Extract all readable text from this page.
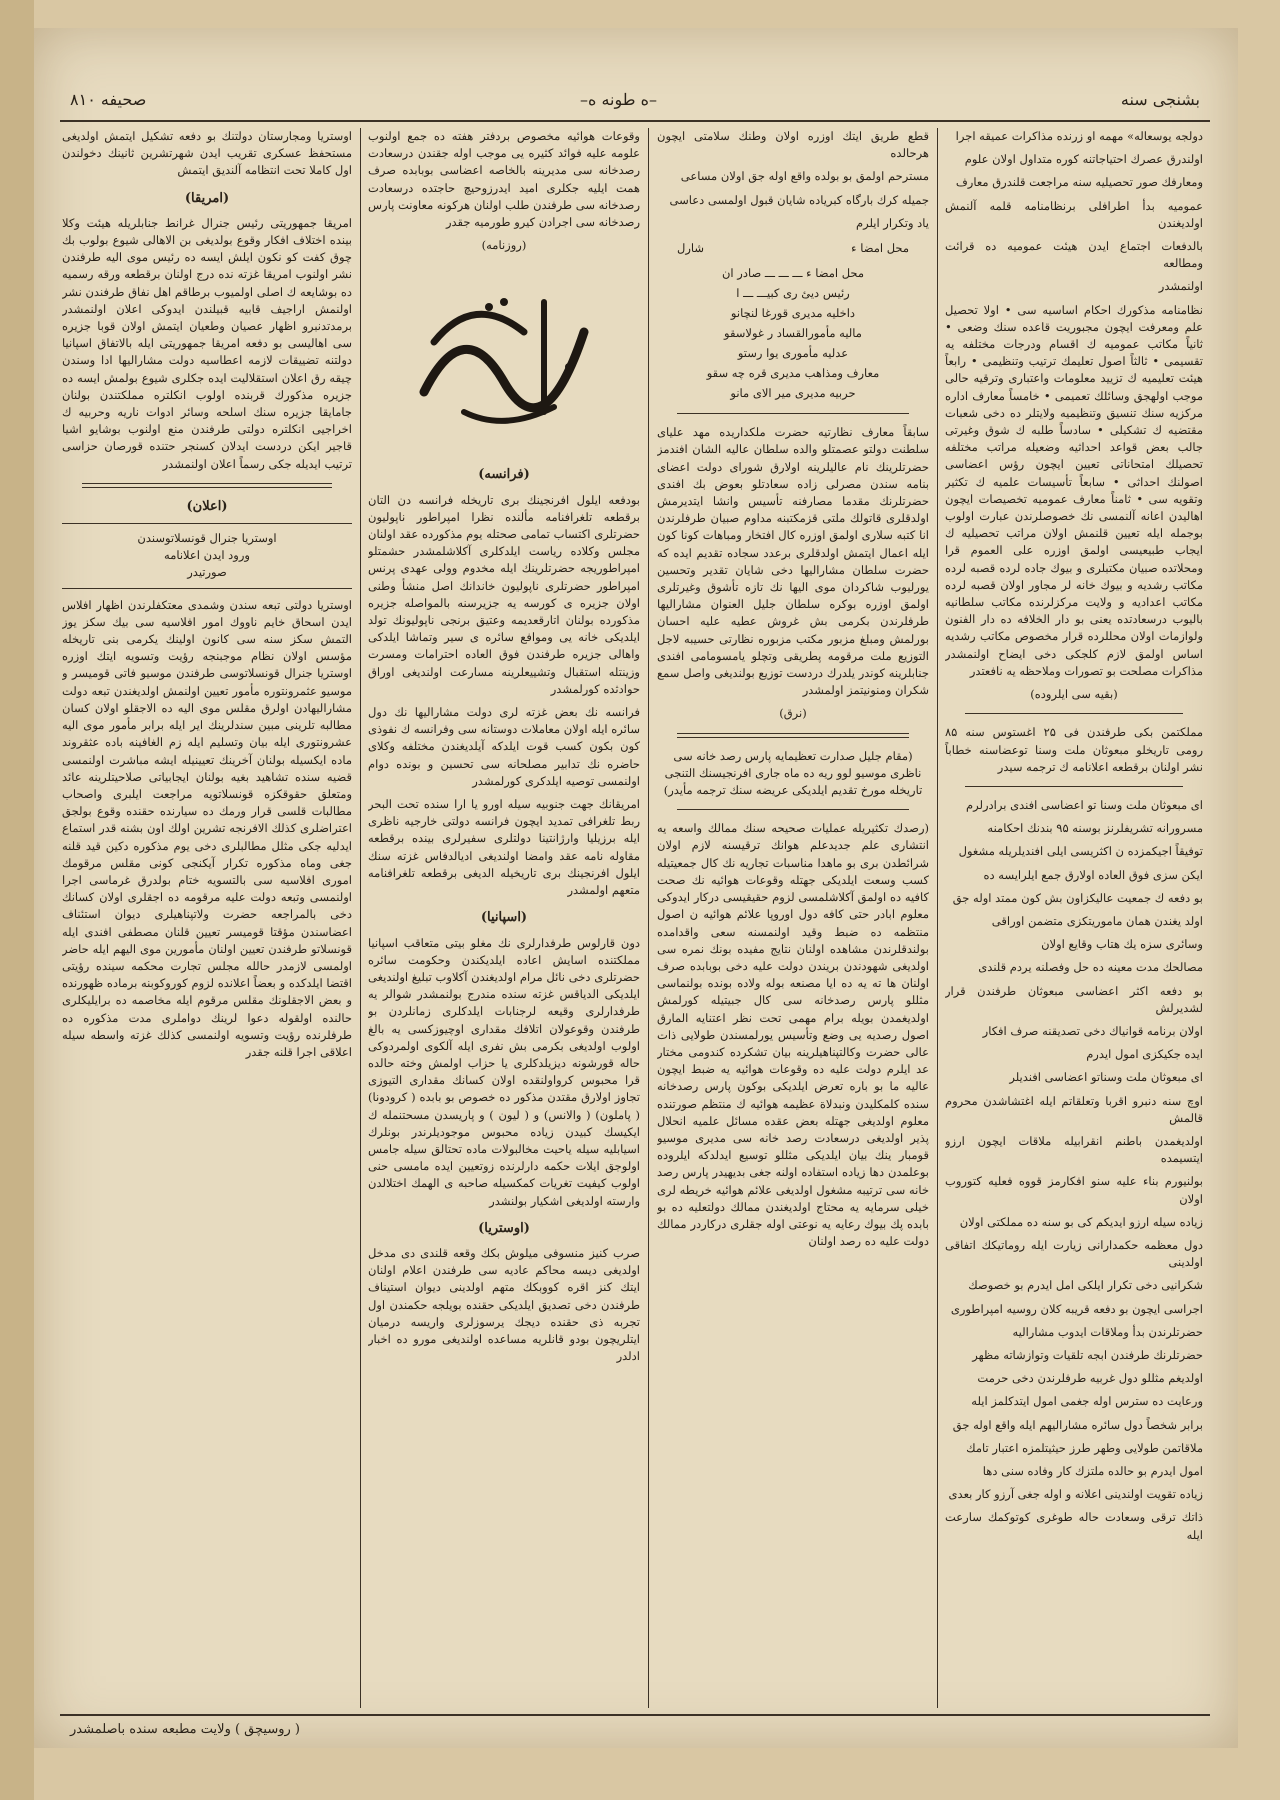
بشنجی سنه
–ه طونه ه–
صحیفه ۸۱۰

دولجه یوسعاله» مهمه او زرنده مذاکرات عمیقه اجرا

اولندرق عصرك احتیاجاتنه كوره متداول اولان علوم

ومعارفك صور تحصیلیه سنه مراجعت قلندرق معارف

عمومیه بدأ اطرافلی برنظامنامه قلمه آلنمش اولدیغندن

بالدفعات اجتماع ایدن هیئت عمومیه ده قرائت ومطالعه

اولنمشدر

نظامنامه مذكورك احكام اساسیه سی • اولا تحصیل علم ومعرفت ایچون مجبوریت قاعده سنك وضعی • ثانیاً مكاتب عمومیه ك اقسام ودرجات مختلفه یه تقسیمی • ثالثاً اصول تعلیمك ترتیب وتنظیمی • رابعاً هیئت تعلیمیه ك تزیید معلومات واعتباری وترقیه حالی موجب اولهجق وسائلك تعمیمی • خامساً معارف اداره مركزیه سنك تنسیق وتنظیمیه ولایتلر ده دخی شعبات مقتضیه ك تشكیلی • سادساً طلبه ك شوق وغیرتی جالب بعض قواعد احداثیه وضعیله مراتب مختلفه تحصیلك امتحاناتی تعیین ایچون رؤس اعضاسی اصولنك احداثی • سابعاً تأسیسات علمیه ك تكثیر وتقویه سی • ثامناً معارف عمومیه تخصیصات ایچون اهالیدن اعانه آلنمسی نك خصوصلرندن عبارت اولوب بوجمله ایله تعیین قلنمش اولان مراتب تحصیلیه ك ایجاب طبیعیسی اولمق اوزره علی العموم قرا ومحلاتده صبیان مكتبلری و بیوك جاده لرده قصبه لرده مكاتب رشدیه و بیوك خانه لر مجاور اولان قصبه لرده مكاتب اعدادیه و ولایت مركزلرنده مكاتب سلطانیه بالیوب درسعادتده یعنی بو دار الخلافه ده دار الفنون ولوازمات اولان محللرده قرار مخصوص مكاتب رشدیه اساس اولمق لازم كلجكی دخی ایضاح اولنمشدر مذاكرات مصلحت بو تصورات وملاحظه یه نافعتدر

(بقیه سی ایلروده)

مملكتمن بكی طرفندن فی ۲۵ اغستوس سنه ۸۵ رومی تاریخلو مبعوثان ملت وسنا توعضاسنه خطاباً نشر اولنان برقطعه اعلانامه ك ترجمه سیدر

ای مبعوثان ملت وسنا تو اعضاسی افندی برادرلرم

مسرورانه تشریفلرنز بوسنه ۹۵ بندنك احكامنه

توفیقاً اجیكمزده ن اكثریسی ایلی افندیلریله مشغول

ایكن سزی فوق العاده اولارق جمع ایلرایسه ده

بو دفعه ك جمعیت عالیكزاون بش كون ممتد اوله جق

اولد یغندن همان ماموریتكزی متضمن اوراقی

وسائری سزه یك هتاب وقایع اولان

مصالحك مدت معینه ده حل وفصلنه یردم قلندی

بو دفعه اكثر اعضاسی مبعوثان طرفندن قرار لشدیرلش

اولان برنامه قوانیاك دخی تصدیقنه صرف افكار

ایده جكیكزی امول ایدرم

ای مبعوثان ملت وسناتو اعضاسی افندیلر

اوچ سنه دنبرو اقربا وتعلقاتم ایله اغتشاشدن محروم قالمش

اولدیغمدن باطنم انقرابیله ملاقات ایچون ارزو ایتسیمده

بولنیورم بناء علیه سنو افكارمز قووه فعلیه كتوروب اولان

زیاده سیله ارزو ایدیكم كی بو سنه ده مملكتی اولان

دول معظمه حكمدارانی زیارت ایله روماتیكك اتفاقی اولدینی

شكرانیی دخی تكرار ایلكی امل ایدرم بو خصوصك

اجراسی ایچون بو دفعه قریبه كلان روسیه امپراطوری

حضرتلرندن بدأ وملاقات ایدوب مشارالیه

حضرتلرنك طرفندن ابجه تلقیات وتوازشاته مظهر

اولدیغم مثللو دول غربیه طرفلرندن دخی حرمت

ورعایت ده سترس اوله جغمی امول ایتدكلمز ایله

برابر شخصاً دول سائره مشارالیهم ایله واقع اوله جق

ملاقاتمن طولایی وطهر طرز حیثیتلمزه اعتبار تامك

امول ایدرم بو حالده ملتزك كار وفاده سنی دها

زیاده تقویت اولندینی اعلانه و اوله جغی آرزو كار بعدی

ذاتك ترقی وسعادت حاله طوغری كوتوكمك سارعت ایله

قطع طریق ایتك اوزره اولان وطنك سلامتی ایچون هرحالده

مسترحم اولمق بو بولده واقع اوله جق اولان مساعی

جمیله كرك بارگاه كبریاده شایان قبول اولمسی دعاسی

یاد وتكرار ایلرم

محل امضا ء
شارل
محل امضا ء ـــ ـــ ـــ صادر ان
رئیس دیئ ری كبیـــ ـــ ا
داخلیه مدیری قورغا لنچانو
مالیه مأمورالقساد ر غولاسقو
عدلیه مأموری یوا رستو
معارف ومذاهب مدیری قره چه سقو
حربیه مدیری میر الای مانو

سابقاً معارف نظارتیه حضرت ملكداریده مهد علیای سلطنت دولتو عصمتلو والده سلطان عالیه الشان افندمز حضرتلرینك نام عالیلرینه اولارق شورای دولت اعضای بنامه سندن مصرلی زاده سعادتلو بعوض بك افندی حضرتلرنك مقدما مصارفنه تأسیس وانشا ایتدیرمش اولدقلری قاتولك ملتی قزمكتبنه مداوم صبیان طرفلرندن انا كتبه سلارى اولمق اوزره كال افتخار ومباهات كونا كون ایله اعمال ایتمش اولدقلری برعدد سجاده تقدیم ایده كه حضرت سلطان مشارالیها دخی شایان تقدیر وتحسین یورلیوب شاكردان موی الیها نك تازه تأشوق وغیرتلرى اولمق اوزره بوكره سلطان جلیل العنوان مشارالیها طرفلرندن بكرمى بش غروش عطیه علیه احسان بورلمش ومبلغ مزبور مكتب مزبوره نظارتی حسیبه لاجل التوزیع ملت مرقومه پطریقی وتچلو یامسومامی افندی جنابلرینه كوندر یلدرك دردست توزیع بولندیغی واصل سمع شكران ومنونیتمز اولمشدر

(نرق)

(مقام جلیل صدارت تعظیمایه پارس رصد خانه سی ناظری موسیو لوو ریه ده ماه جاری افرنجیسنك التنجى تاریخله مورخ تقدیم ایلدیكی عریضه سنك ترجمه مأیدر)

(رصدك تكثیریله عملیات صحیحه سنك ممالك واسعه یه انتشاری علم جدیدعلم هوانك ترقیسنه لازم اولان شرائطدن بری بو ماهدا مناسبات تجاریه نك كال جمعیتیله كسب وسعت ایلدیكی جهتله وقوعات هوائیه نك صحت كافیه ده اولمق آكلاشلمسی لزوم حقیقیسی دركار ایدوكی معلوم ابادر حتی كافه دول اوروپا علائم هوائیه ن اصول منتظمه ده ضبط وقید اولنمسنه سعی واقدامده بولندقلرندن مشاهده اولنان نتایج مفیده بونك نمره سی اولدیغی شهودندن بریندن دولت علیه دخی بوبابده صرف اولنان ها ته یه ده ایا مصنعه بوله ولاده بونده بولنماسی مثللو پارس رصدخانه سی كال جبیتیله كورلمش اولدیغمدن بویله برام مهمی تحت نظر اعتنایه المارق اصول رصدیه یی وضع وتأسیس یورلمسندن طولایی ذات عالی حضرت وكالتپناهیلرینه بیان تشكرده كندومی مختار عد ایلرم دولت علیه ده وقوعات هوائیه یه ضبط ایچون عالیه ما بو باره تعرض ایلدیكی بوكون پارس رصدخانه سنده كلمكلیدن ونبدلاة عظیمه هوائیه ك منتظم صورتنده معلوم اولدیغی جهتله بعض عقده مسائل علمیه انحلال پذیر اولدیغی درسعادت رصد خانه سی مدیری موسیو قومبار ینك بیان ایلدیكی مثللو توسیع ایدلدكه ایلروده بوعلمدن دها زیاده استفاده اولنه جغی بدیهیدر پارس رصد خانه سی ترتیبه مشغول اولدیغی علائم هوائیه خریطه لری خیلی سرمایه یه محتاج اولدیغندن ممالك دولتعلیه ده بو بابده پك بیوك رعایه یه نوعتی اوله جقلری دركاردر ممالك دولت علیه ده رصد اولنان

وقوعات هوائیه مخصوص بردفتر هفته ده جمع اولنوب علومه علیه فوائد كثیره یی موجب اوله جقندن درسعادت رصدخانه سی مدیرینه بالخاصه اعضاسی بوبابده صرف همت ایلیه جكلری امید ایدرزوحیچ حاجتده درسعادت رصدخانه سی طرفندن طلب اولنان هركونه معاونت پارس رصدخانه سی اجرادن كیرو طورمیه جقدر

(روزنامه)

(فرانسه)

بودفعه ایلول افرنجینك بری تاریخله فرانسه دن التان برقطعه تلغرافنامه مألنده نظرا امپراطور ناپولیون حضرتلرى اكتساب تمامی صحتله یوم مذكورده عقد اولنان مجلس وكلاده ریاست ایلدكلری آكلاشلمشدر حشمتلو امپراطوریجه حضرتلرینك ایله مخدوم وولی عهدی پرنس امپراطور حضرتلرى ناپولیون خاندانك اصل منشأ وطنی اولان جزیره ی كورسه یه جزیرسنه بالمواصله جزیره مذكورده بولنان اتارقعدیمه وعتیق برنجی ناپولیونك تولد ایلدیكی خانه یی وموافع سائره ی سیر وتماشا ایلدكی واهالی جزیره طرفندن فوق العاده احترامات ومسرت وزینتله استقبال وتشییعلرینه مسارعت اولندیغی اوراق حوادثده كورلمشدر

فرانسه نك بعض غزته لری دولت مشارالیها نك دول سائره ایله اولان معاملات دوستانه سی وفرانسه ك نفوذی كون بكون كسب قوت ایلدكه آیلدیغندن مختلفه وكلای حاضره نك تدابیر مصلحانه سی تحسین و بونده دوام اولنمسی توصیه ایلدكرى كورلمشدر

امریقانك جهت جنوبیه سیله اورو یا ارا سنده تحت البحر ربط تلغرافی تمدید ایچون فرانسه دولتی خارجیه ناظری ایله برزیلیا وارژانتینا دولتلری سفیرلری بینده برقطعه مقاوله نامه عقد وامضا اولندیغی ادیالدفاس غزته سنك ایلول افرنجینك بری تاریخیله الدیغی برقطعه تلغرافنامه متعهم اولمشدر

(اسپانیا)

دون قارلوس طرفدارلری نك مغلو بیتی متعاقب اسپانیا مملكتنده اسایش اعاده ایلدیكندن وحكومت سائره حضرتلرى دخی نائل مرام اولدیغندن آكلاوب تبلیغ اولندیغی ایلدیكی الدیاقس غزته سنده مندرج بولنمشدر شوالر یه طرفدارلری وقیعه لرجنابات ایلدكلری زمانلردن بو طرفندن وقوعولان اتلافك مقداری اوچیوزكسی یه بالغ اولوب اولدیغی بكرمی بش نفری ایله آلكوی اولمردوكی حاله قورشونه دیزیلدكلری یا حزاب اولمش وخته حالده قرا محبوس كرواولنقده اولان كسانك مقداری التیوزی تجاوز اولارق مقتدن مذكور ده خصوص بو بابده ( كرودونا) ( پاملون) ( والانس) و ( لیون ) و پاریسدن مسحتنمله ك ایكیسك كبیدن زیاده محبوس موجودیلرندر بونلرك اسیابلیه سیله یاحیت مخالبولات ماده تحتالق سیله جامس اولوجق ایلات حكمه دارلرنده زوتعیین ایده مامسی حنی اولوب كیفیت تغریات كمكسیله صاحبه ی الهمك اختلالدن وارسته اولدیغى اشكیار بولنشدر

(اوستریا)

صرب كنیز منسوفی میلوش بكك وقعه قلندی دی مدخل اولدیغی دیسه محاكم عادیه سی طرفندن اعلام اولنان ایتك كنز اقره كووبكك متهم اولدینی دیوان استیناف طرفندن دخی تصدیق ایلدیكی حقنده بویلجه حكمندن اول تجربه ذی حقنده دیجك یرسوزلری واریسه درمیان ایتلریچون بودو قانلریه مساعده اولندیغی مورو ده اخبار ادلدر

اوستریا ومجارستان دولتنك بو دفعه تشكیل ایتمش اولدیغی مستحفظ عسكری تقریب ایدن شهرتشرین ثانینك دخولندن اول كاملا تحت انتظامه آلندیق ایتمش

(امریقا)

امریقا جمهوریتی رئیس جنرال غرانط جنابلریله هیئت وكلا بینده اختلاف افكار وقوع بولدیغی بن الاهالی شیوع بولوب بك چوق كفت كو نكون ایلش ایسه ده رئیس موی الیه طرفندن نشر اولنوب امریقا غزته نده درج اولنان برقطعه ورقه رسمیه ده بوشایعه ك اصلی اولمیوب برطاقم اهل نفاق طرفندن نشر اولنمش اراجیف قابیه قبیلندن ایدوكی اعلان اولنمشدر برمدتدنبرو اظهار عصیان وطعیان ایتمش اولان قوبا جزیره سی اهالیسی بو دفعه امریقا جمهوریتی ایله بالاتفاق اسپانیا دولتنه تضییقات لازمه اعطاسیه دولت مشارالیها ادا وسندن چیقه رق اعلان استقلالیت ایده جكلری شیوع بولمش ایسه ده جزیره مذكورك قربنده اولوب انكلتره مملكتندن بولنان جامایقا جزیره سنك اسلحه وسائر ادوات ناریه وحربیه ك اخراجیی انكلتره دولتی طرفندن منع اولنوب بوشایو اشیا قاجیر ایكن دردست ایدلان كسنجر حتنده قورصان حزاسی ترتیب ایدیله جكی رسماً اعلان اولنمشدر

(اعلان)
اوستریا جنرال قونسلاتوسندن
ورود ایدن اعلانامه
صورتیدر

اوستریا دولتی تبعه سندن وشمدی معتكفلرندن اظهار افلاس ایدن اسحاق خایم ناووك امور افلاسیه سی بیك سكز یوز التمش سكز سنه سی كانون اولینك یكرمی بنی تاریخله مؤسس اولان نظام موجبنجه رؤیت وتسویه ایتك اوزره اوستریا جنرال قونسلاتوسی طرفندن موسیو فاتی قومیسر و موسیو عثمرونتوره مأمور تعیین اولنمش اولدیغندن تبعه دولت مشارالیهادن اولرق مقلس موی الیه ده الاجقلو اولان كسان مطالبه تلرینی مبین سندلرینك ایر ایله برابر مأمور موی الیه عشرونتوری ایله بیان وتسلیم ایله زم الغافینه باده عثقروند ماده ایكسیله بولنان آخرینك تعیینیله ایشه مباشرت اولنمسی قضیه سنده تشاهید بغیه بولنان ایجابیاتی صلاحیتلرینه عائد ومتعلق حقوقكزه قونسلاتویه مراجعت ایلبری واصحاب مطالبات قلسی قرار ورمك ده سیارنده حقنده وقوع بولجق اعتراضلری كذلك الافرنجه تشرین اولك اون بشنه قدر استماع ایدلیه جكی مثلل مطالبلری دخی یوم مذكوره دكین قید قلنه جغی وماه مذكوره تكرار آیكنجی كونی مقلس مرقومك اموری افلاسیه سی بالتسویه ختام بولدرق غرماسی اجرا اولنمسی وتبعه دولت علیه مرقومه ده اجقلری اولان كسانك دخی بالمراجعه حضرت ولاتپناهیلری دیوان استئناف اعضاسندن مؤقتا قومیسر تعیین قلنان مصطفی افندی ایله قونسلاتو طرفندن تعیین اولنان مأمورین موی الیهم ایله حاضر اولمسی لازمدر حالله مجلس تجارت محكمه سینده رؤیتی اقتضا ایلدكده و بعضاً اعلانده لزوم كوروكوبنه برماده ظهورنده و بعض الاجقلونك مقلس مرقوم ایله مخاصمه ده برایلیكلری حالنده اولقوله دعوا لرینك دواملری مدت مذكوره ده طرفلرنده رؤیت وتسویه اولنمسی كذلك غزته واسطه سیله اعلاقی اجرا قلنه جقدر

( روسیچق ) ولایت مطبعه سنده باصلمشدر
